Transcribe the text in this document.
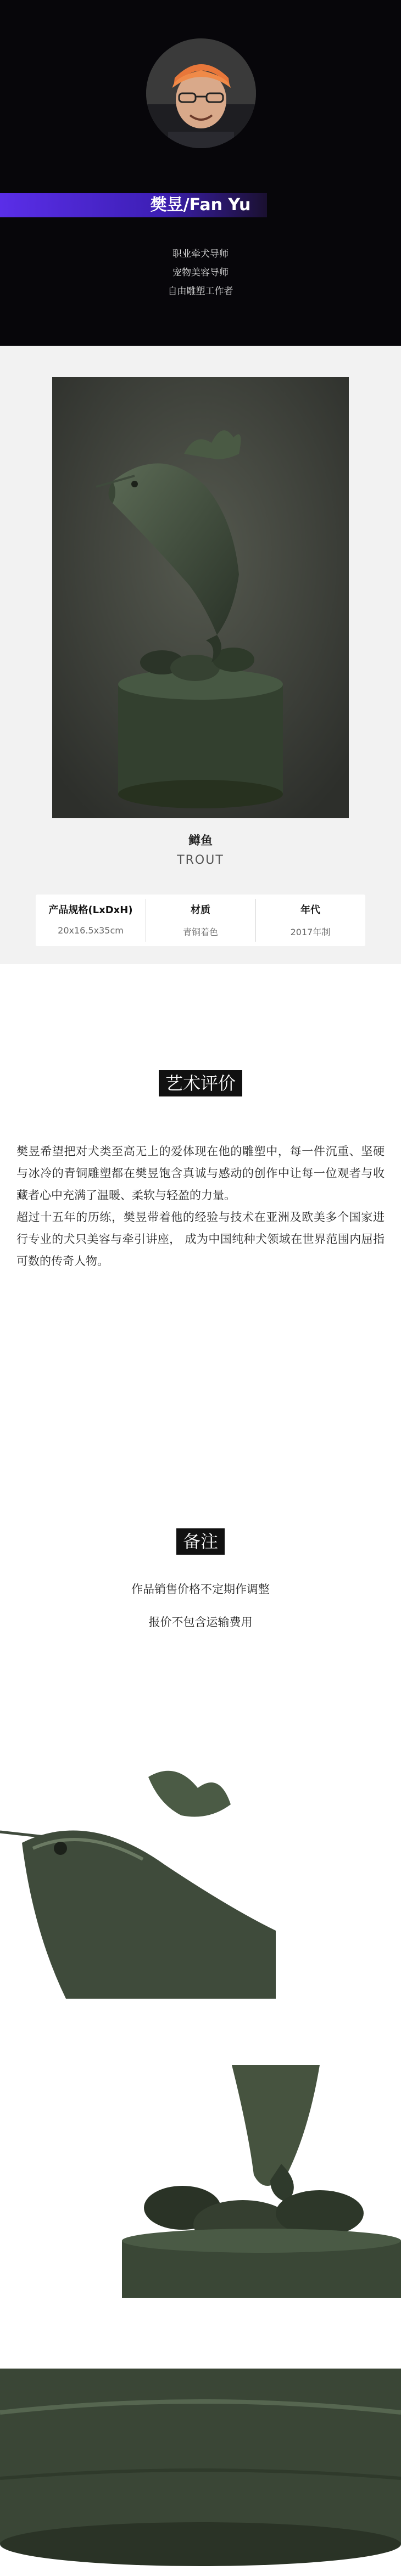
樊昱/Fan Yu
职业牵犬导师
宠物美容导师
自由雕塑工作者
鳟鱼
TROUT
产品规格(LxDxH)
20x16.5x35cm
材质
青铜着色
年代
2017年制
艺术评价

樊昱希望把对犬类至高无上的爱体现在他的雕塑中，每一件沉重、坚硬与冰冷的青铜雕塑都在樊昱饱含真诚与感动的创作中让每一位观者与收藏者心中充满了温暖、柔软与轻盈的力量。

超过十五年的历练，樊昱带着他的经验与技术在亚洲及欧美多个国家进行专业的犬只美容与牵引讲座， 成为中国纯种犬领域在世界范围内屈指可数的传奇人物。

备注
作品销售价格不定期作调整
报价不包含运输费用
